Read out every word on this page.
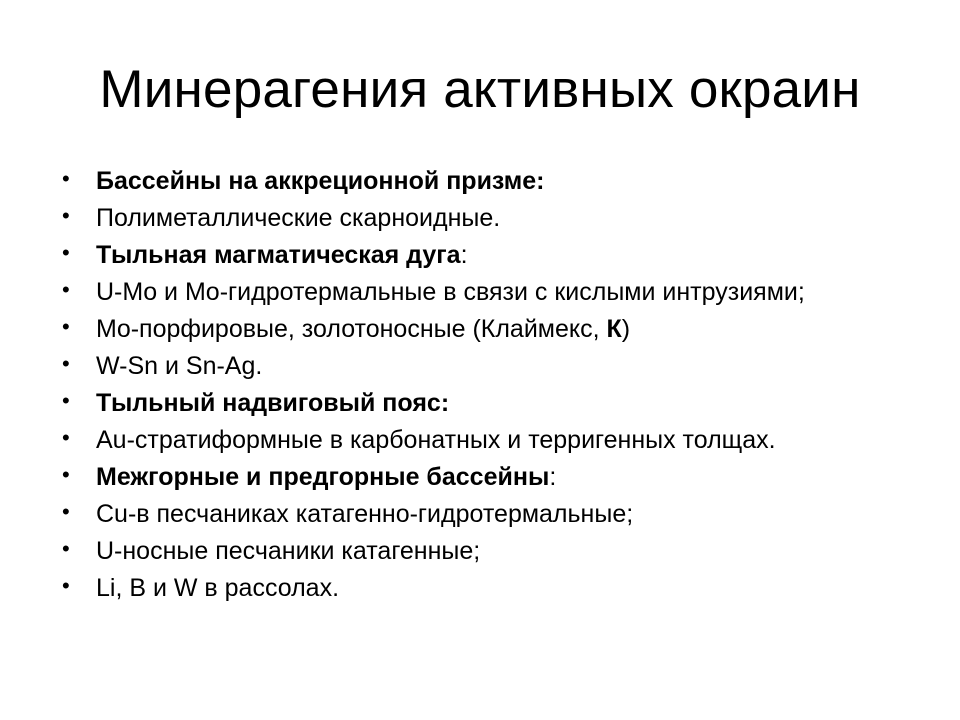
Минерагения активных окраин
• Бассейны на аккреционной призме:
• Полиметаллические скарноидные.
• Тыльная магматическая дуга:
• U-Mo и Mo-гидротермальные в связи с кислыми интрузиями;
• Mo-порфировые, золотоносные (Клаймекс, К)
• W-Sn и Sn-Ag.
• Тыльный надвиговый пояс:
• Au-стратиформные в карбонатных и терригенных толщах.
• Межгорные и предгорные бассейны:
• Cu-в песчаниках катагенно-гидротермальные;
• U-носные песчаники катагенные;
• Li, B и W в рассолах.
